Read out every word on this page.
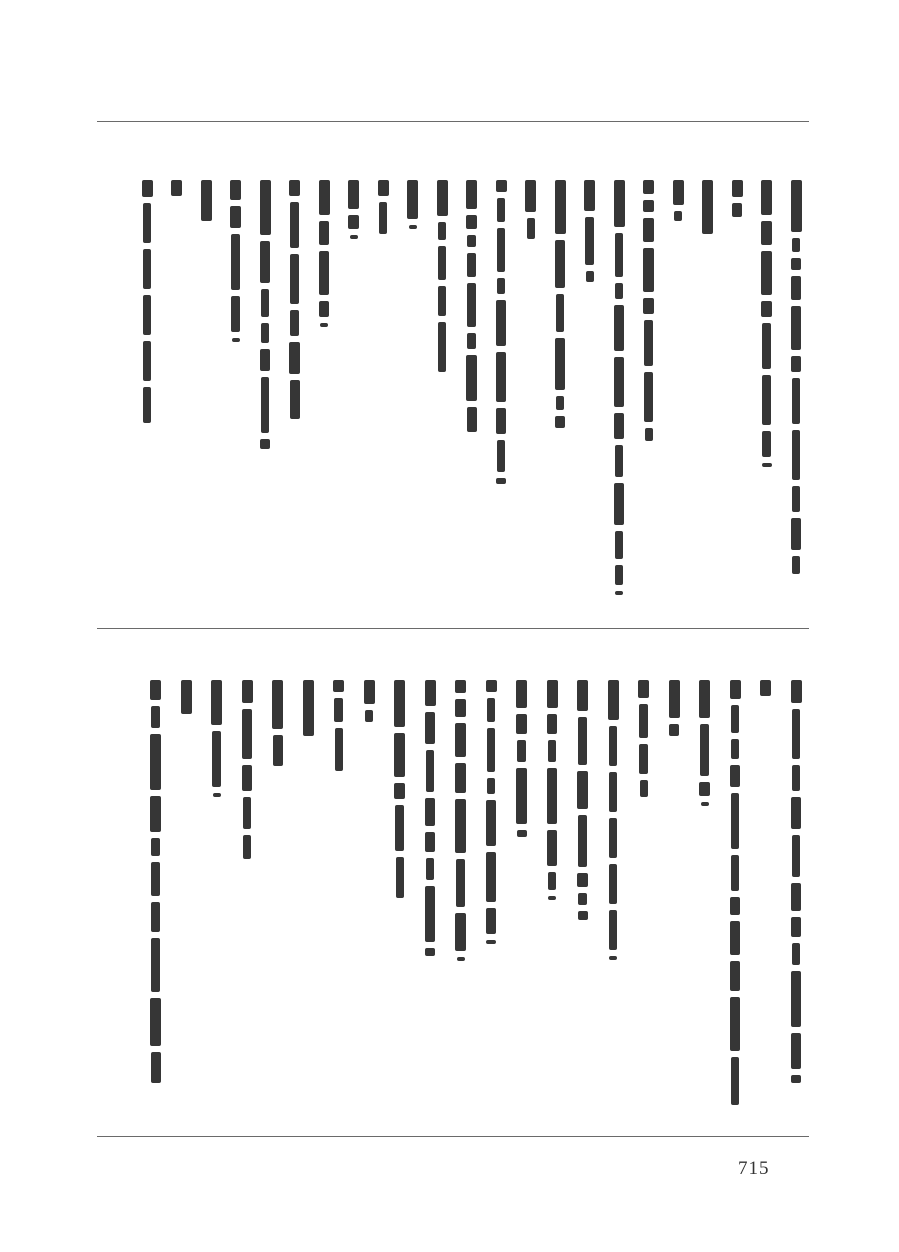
715
